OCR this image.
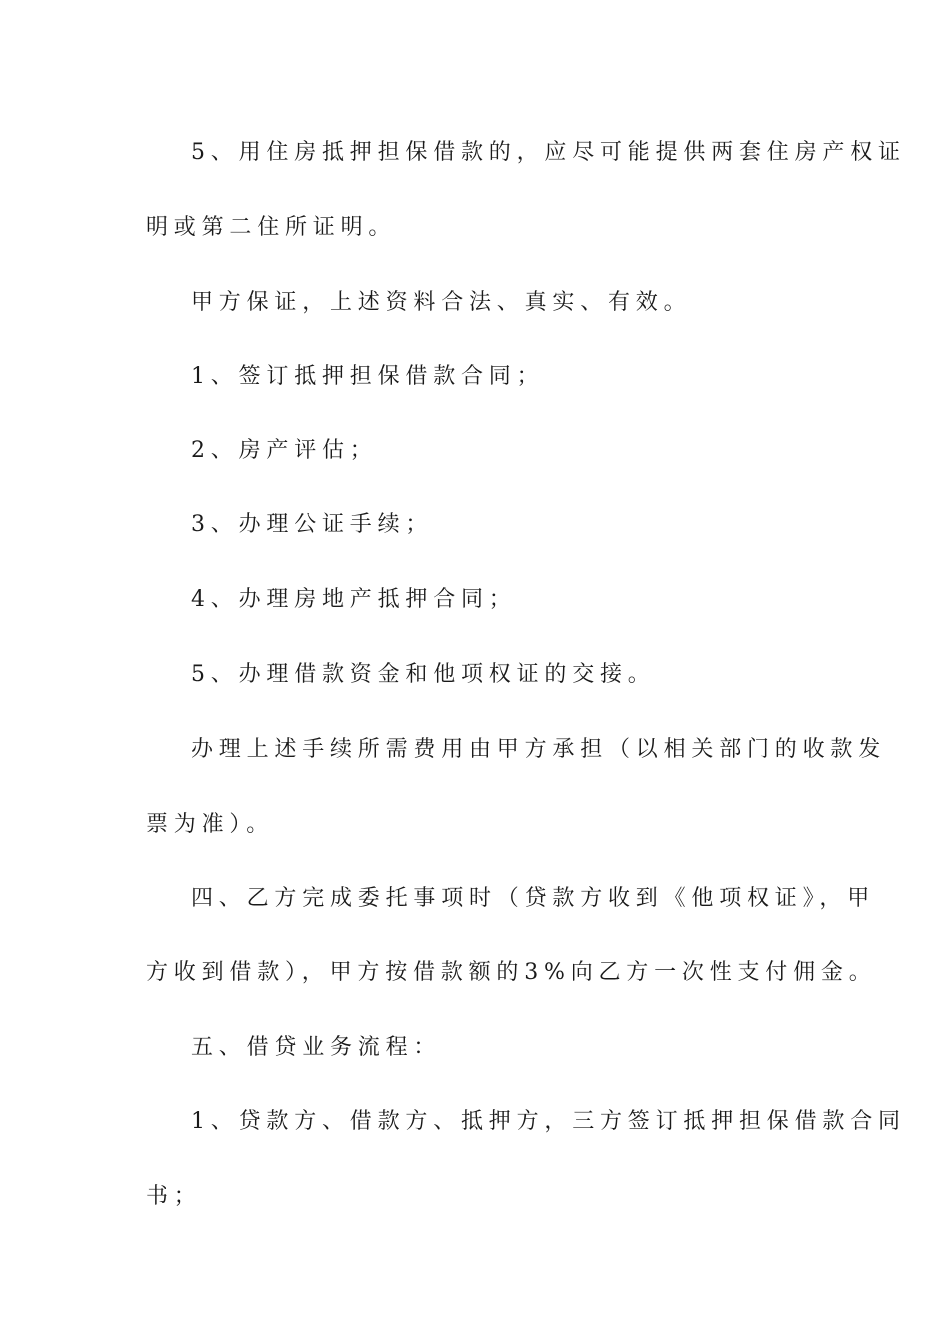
5、用住房抵押担保借款的，应尽可能提供两套住房产权证
明或第二住所证明。
甲方保证，上述资料合法、真实、有效。
1、签订抵押担保借款合同；
2、房产评估；
3、办理公证手续；
4、办理房地产抵押合同；
5、办理借款资金和他项权证的交接。
办理上述手续所需费用由甲方承担（以相关部门的收款发
票为准）。
四、乙方完成委托事项时（贷款方收到《他项权证》，甲
方收到借款），甲方按借款额的3%向乙方一次性支付佣金。
五、借贷业务流程：
1、贷款方、借款方、抵押方，三方签订抵押担保借款合同
书；
